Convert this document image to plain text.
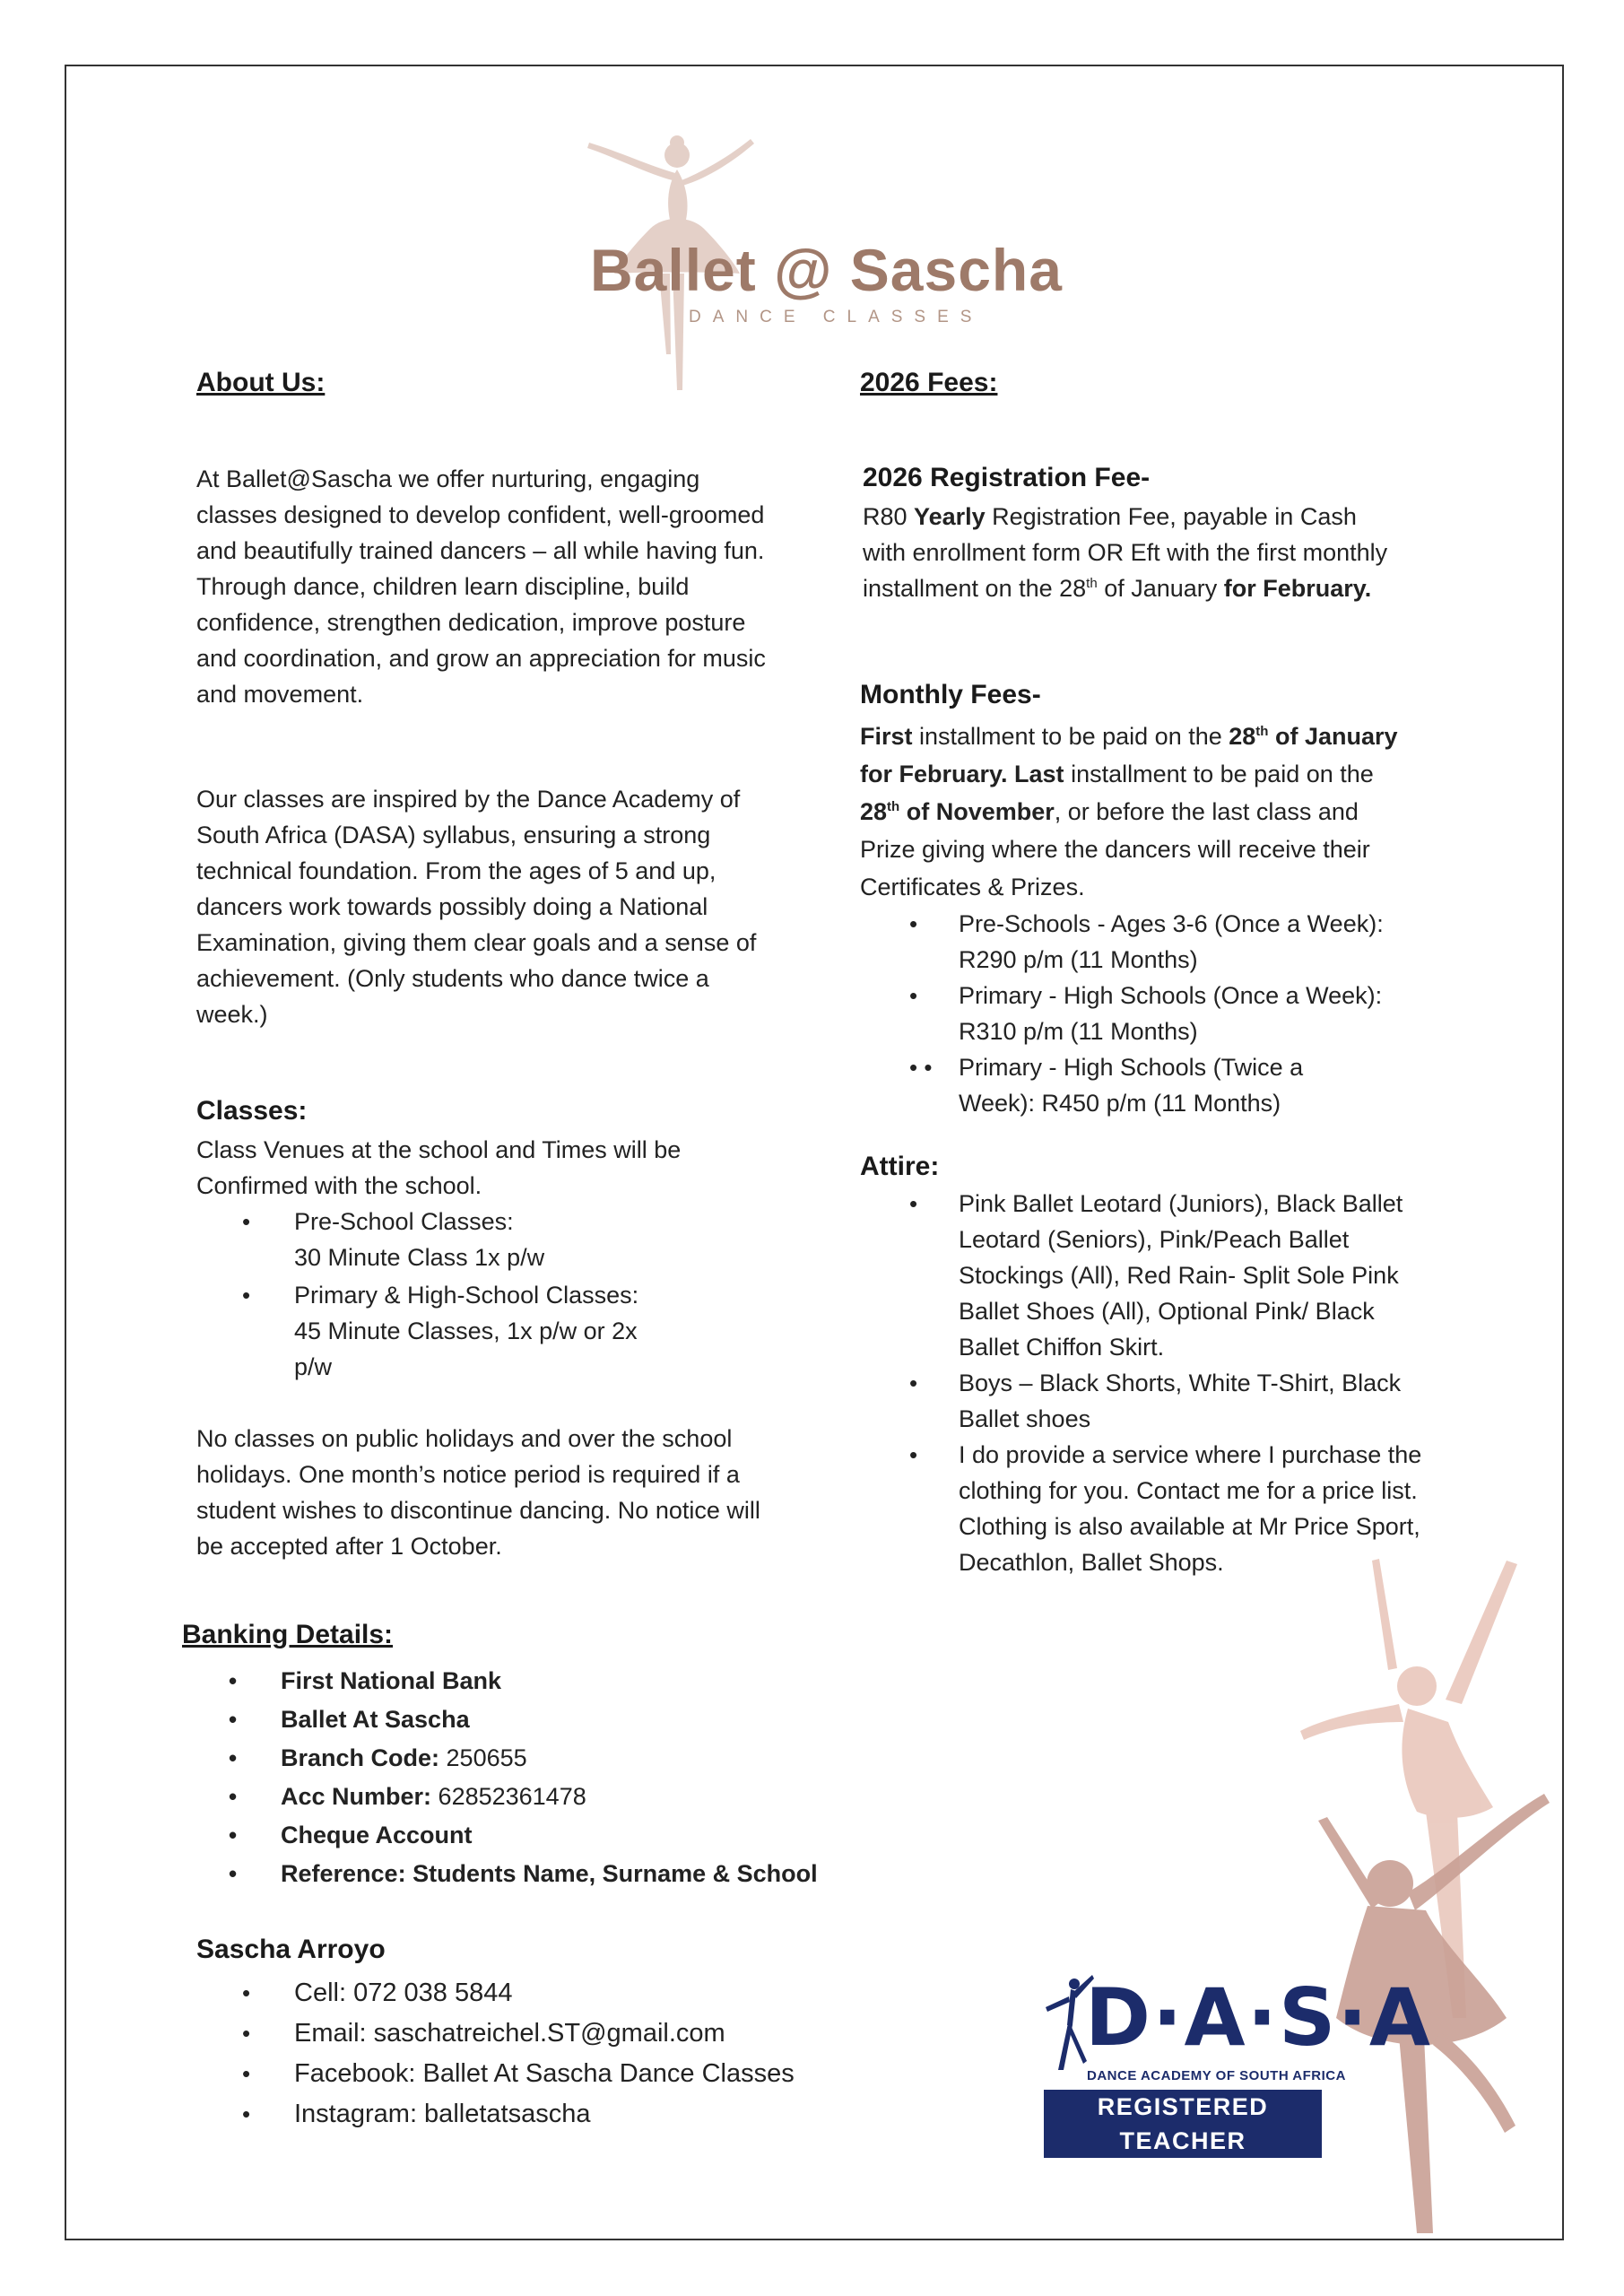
Ballet @ Sascha
DANCE CLASSES
About Us:
At Ballet@Sascha we offer nurturing, engaging classes designed to develop confident, well-groomed and beautifully trained dancers – all while having fun. Through dance, children learn discipline, build confidence, strengthen dedication, improve posture and coordination, and grow an appreciation for music and movement.
Our classes are inspired by the Dance Academy of South Africa (DASA) syllabus, ensuring a strong technical foundation. From the ages of 5 and up, dancers work towards possibly doing a National Examination, giving them clear goals and a sense of achievement. (Only students who dance twice a week.)
Classes:
Class Venues at the school and Times will be Confirmed with the school.
• Pre-School Classes:
30 Minute Class 1x p/w
• Primary & High-School Classes:
45 Minute Classes, 1x p/w or 2x p/w
No classes on public holidays and over the school holidays. One month’s notice period is required if a student wishes to discontinue dancing. No notice will be accepted after 1 October.
Banking Details:
• First National Bank
• Ballet At Sascha
• Branch Code: 250655
• Acc Number: 62852361478
• Cheque Account
• Reference: Students Name, Surname & School
Sascha Arroyo
• Cell: 072 038 5844
• Email: saschatreichel.ST@gmail.com
• Facebook: Ballet At Sascha Dance Classes
• Instagram: balletatsascha
2026 Fees:
2026 Registration Fee-
R80 Yearly Registration Fee, payable in Cash with enrollment form OR Eft with the first monthly installment on the 28th of January for February.
Monthly Fees-
First installment to be paid on the 28th of January for February. Last installment to be paid on the 28th of November, or before the last class and Prize giving where the dancers will receive their Certificates & Prizes.
• Pre-Schools - Ages 3-6 (Once a Week): R290 p/m (11 Months)
• Primary - High Schools (Once a Week): R310 p/m (11 Months)
• • Primary - High Schools (Twice a Week): R450 p/m (11 Months)
Attire:
• Pink Ballet Leotard (Juniors), Black Ballet Leotard (Seniors), Pink/Peach Ballet Stockings (All), Red Rain- Split Sole Pink Ballet Shoes (All), Optional Pink/ Black Ballet Chiffon Skirt.
• Boys – Black Shorts, White T-Shirt, Black Ballet shoes
• I do provide a service where I purchase the clothing for you. Contact me for a price list. Clothing is also available at Mr Price Sport, Decathlon, Ballet Shops.
D·A·S·A
DANCE ACADEMY OF SOUTH AFRICA
REGISTERED TEACHER
